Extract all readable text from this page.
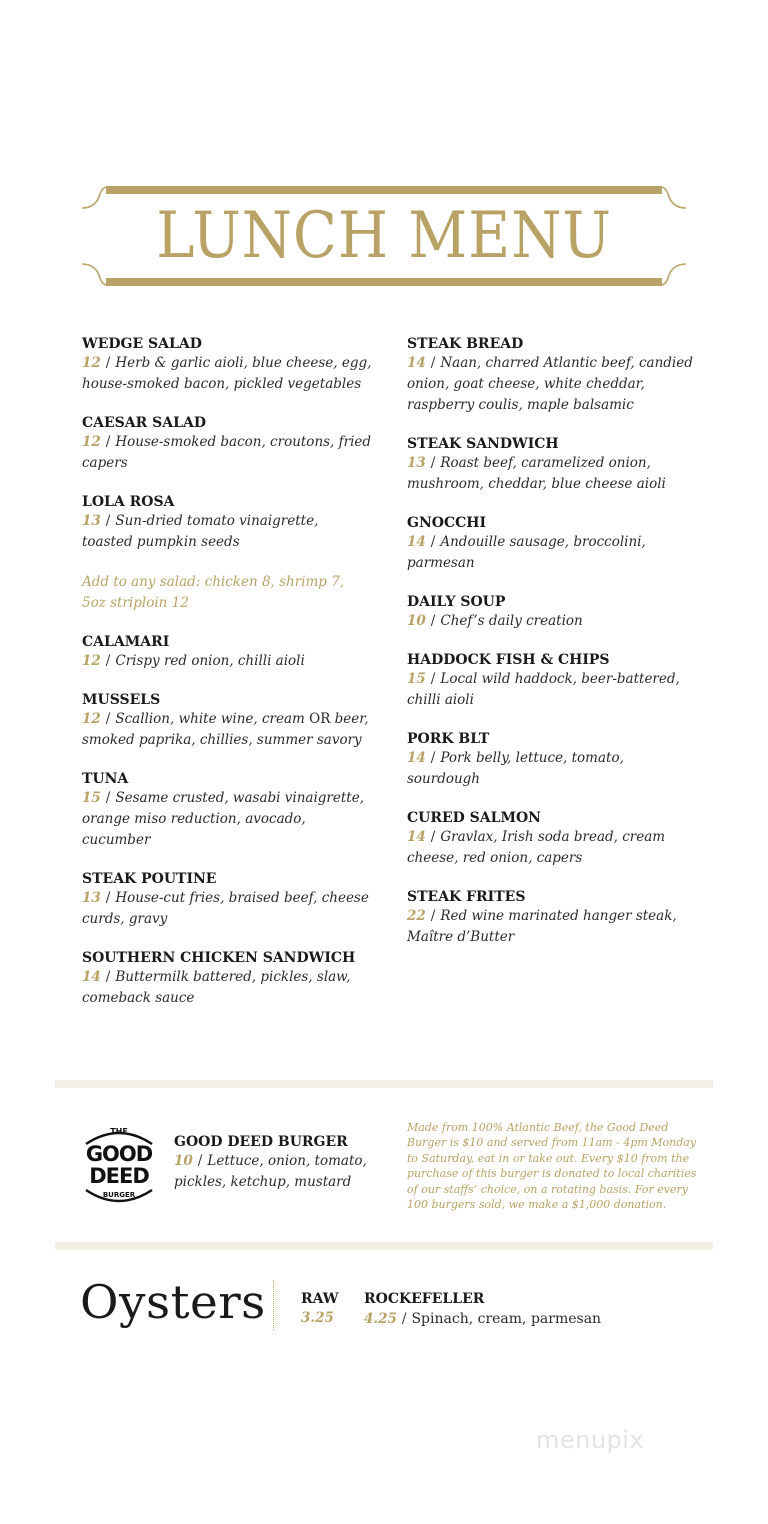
LUNCH MENU
WEDGE SALAD
12 / Herb & garlic aioli, blue cheese, egg, house-smoked bacon, pickled vegetables
CAESAR SALAD
12 / House-smoked bacon, croutons, fried capers
LOLA ROSA
13 / Sun-dried tomato vinaigrette, toasted pumpkin seeds
Add to any salad: chicken 8, shrimp 7, 5oz striploin 12
CALAMARI
12 / Crispy red onion, chilli aioli
MUSSELS
12 / Scallion, white wine, cream OR beer, smoked paprika, chillies, summer savory
TUNA
15 / Sesame crusted, wasabi vinaigrette, orange miso reduction, avocado, cucumber
STEAK POUTINE
13 / House-cut fries, braised beef, cheese curds, gravy
SOUTHERN CHICKEN SANDWICH
14 / Buttermilk battered, pickles, slaw, comeback sauce
STEAK BREAD
14 / Naan, charred Atlantic beef, candied onion, goat cheese, white cheddar, raspberry coulis, maple balsamic
STEAK SANDWICH
13 / Roast beef, caramelized onion, mushroom, cheddar, blue cheese aioli
GNOCCHI
14 / Andouille sausage, broccolini, parmesan
DAILY SOUP
10 / Chef’s daily creation
HADDOCK FISH & CHIPS
15 / Local wild haddock, beer-battered, chilli aioli
PORK BLT
14 / Pork belly, lettuce, tomato, sourdough
CURED SALMON
14 / Gravlax, Irish soda bread, cream cheese, red onion, capers
STEAK FRITES
22 / Red wine marinated hanger steak, Maître d’Butter
THE
GOOD
DEED
BURGER
GOOD DEED BURGER
10 / Lettuce, onion, tomato, pickles, ketchup, mustard
Made from 100% Atlantic Beef, the Good Deed Burger is $10 and served from 11am - 4pm Monday to Saturday, eat in or take out. Every $10 from the purchase of this burger is donated to local charities of our staffs’ choice, on a rotating basis. For every 100 burgers sold, we make a $1,000 donation.
Oysters	RAW
3.25
ROCKEFELLER
4.25 / Spinach, cream, parmesan
menupix
